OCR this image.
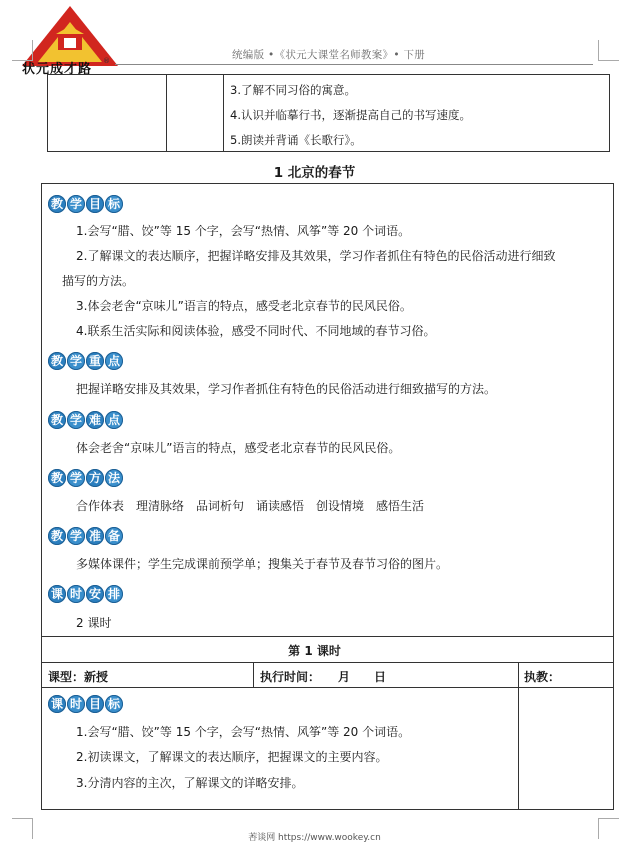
状元成才路
®	统编版 •《状元大课堂名师教案》• 下册
3.了解不同习俗的寓意。
4.认识并临摹行书，逐渐提高自己的书写速度。
5.朗读并背诵《长歌行》。
1 北京的春节
教 学 目 标
1.会写“腊、饺”等 15 个字，会写“热情、风筝”等 20 个词语。
2.了解课文的表达顺序，把握详略安排及其效果，学习作者抓住有特色的民俗活动进行细致
描写的方法。
3.体会老舍“京味儿”语言的特点，感受老北京春节的民风民俗。
4.联系生活实际和阅读体验，感受不同时代、不同地域的春节习俗。
教 学 重 点
把握详略安排及其效果，学习作者抓住有特色的民俗活动进行细致描写的方法。
教 学 难 点
体会老舍“京味儿”语言的特点，感受老北京春节的民风民俗。
教 学 方 法
合作体表　理清脉络　品词析句　诵读感悟　创设情境　感悟生活
教 学 准 备
多媒体课件；学生完成课前预学单；搜集关于春节及春节习俗的图片。
课 时 安 排
2 课时
第 1 课时
课型：新授	执行时间：　　月　　日	执教：
课 时 目 标
1.会写“腊、饺”等 15 个字，会写“热情、风筝”等 20 个词语。
2.初读课文，了解课文的表达顺序，把握课文的主要内容。
3.分清内容的主次，了解课文的详略安排。
莕谈网 https://www.wookey.cn
